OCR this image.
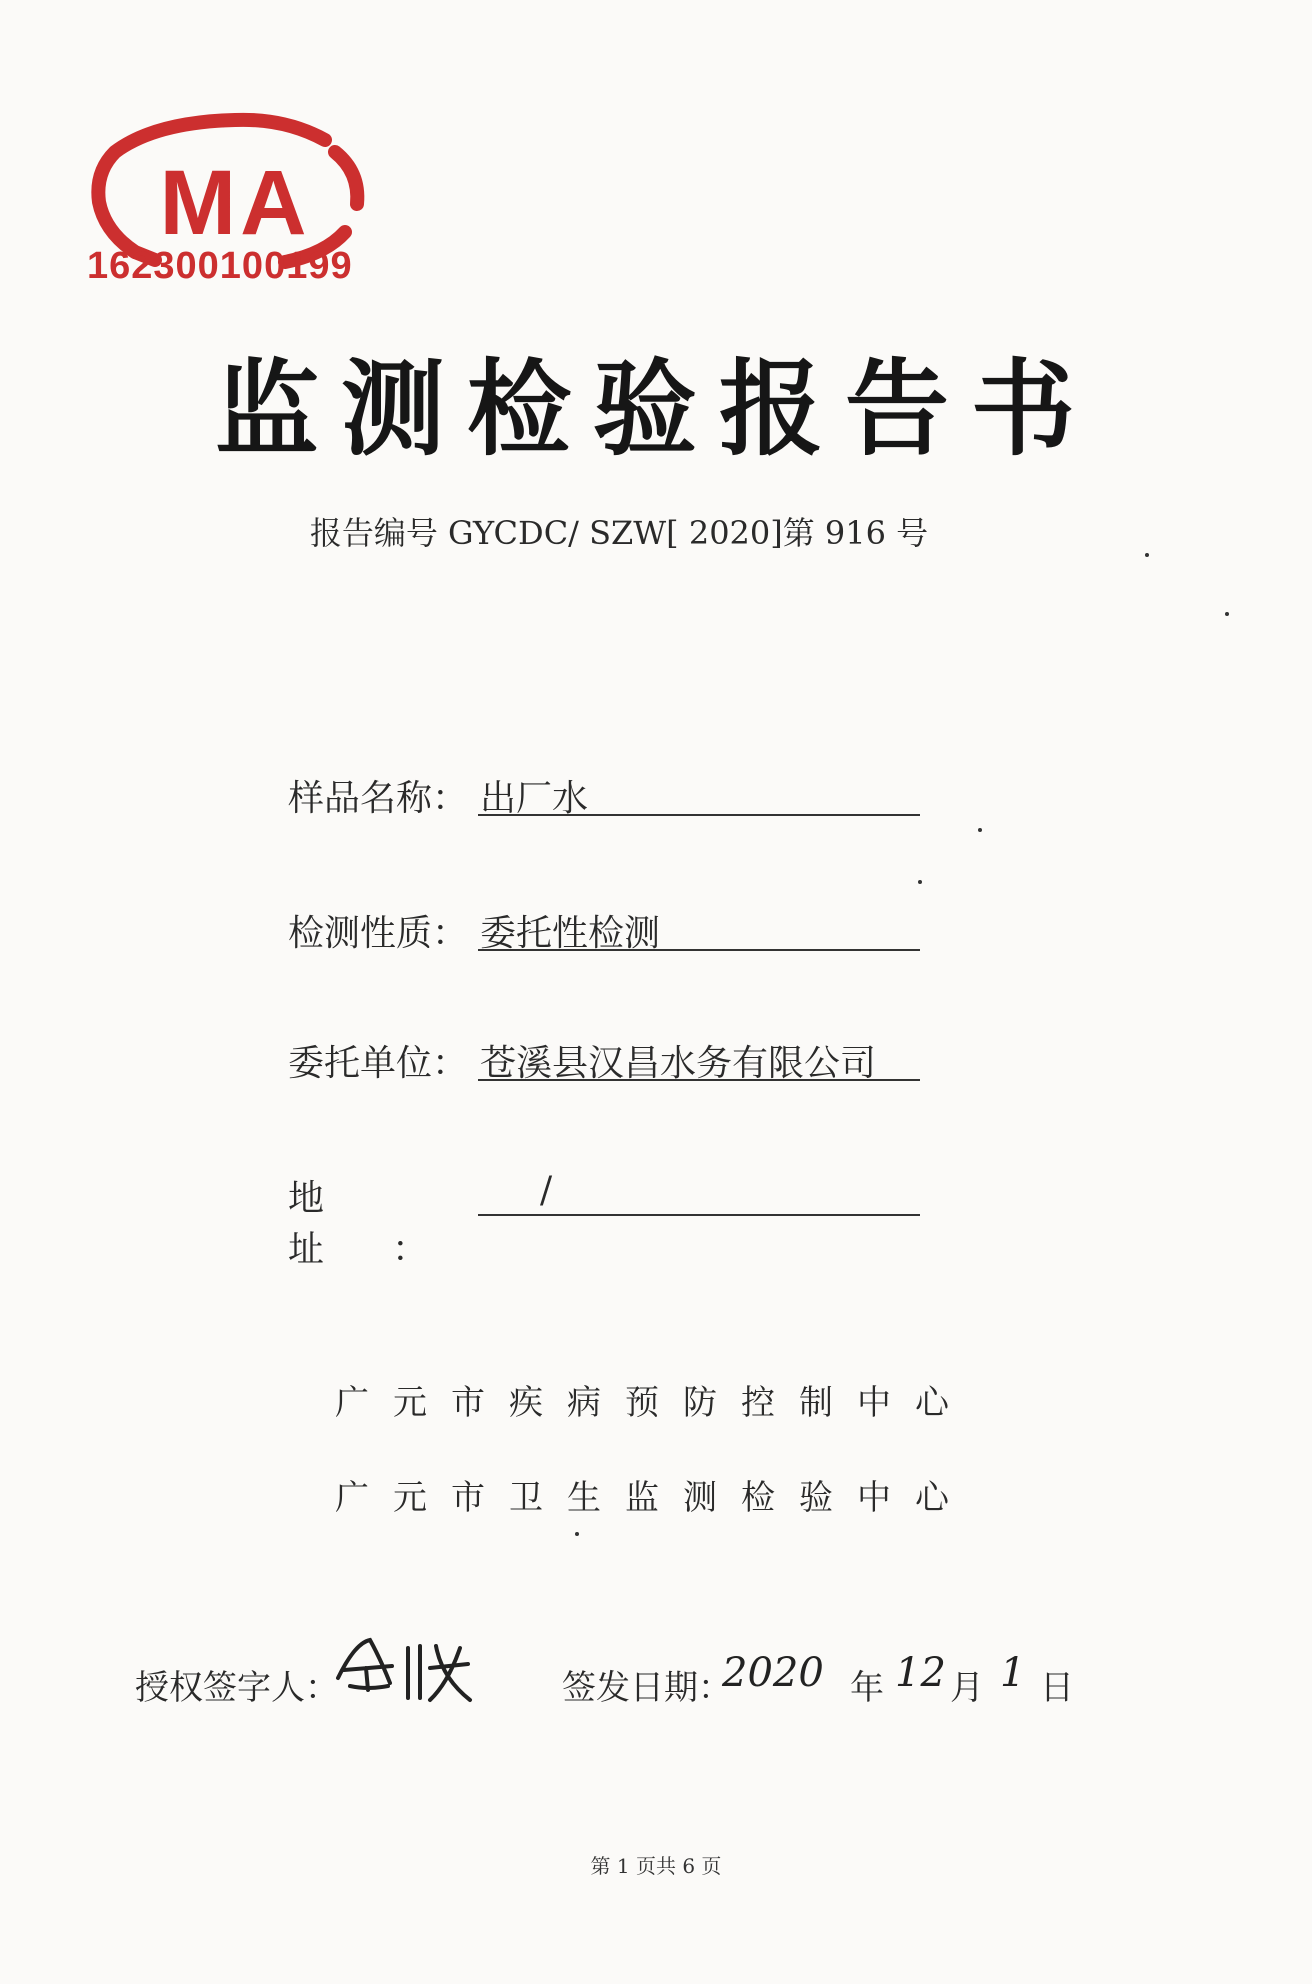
MA
162300100199
监测检验报告书
报告编号 GYCDC/ SZW[ 2020]第 916 号
样品名称： 出厂水
检测性质： 委托性检测
委托单位： 苍溪县汉昌水务有限公司
地 址：
/
广元市疾病预防控制中心
广元市卫生监测检验中心
授权签字人：	签发日期：
2020 年 12 月 1 日
第 1 页共 6 页
